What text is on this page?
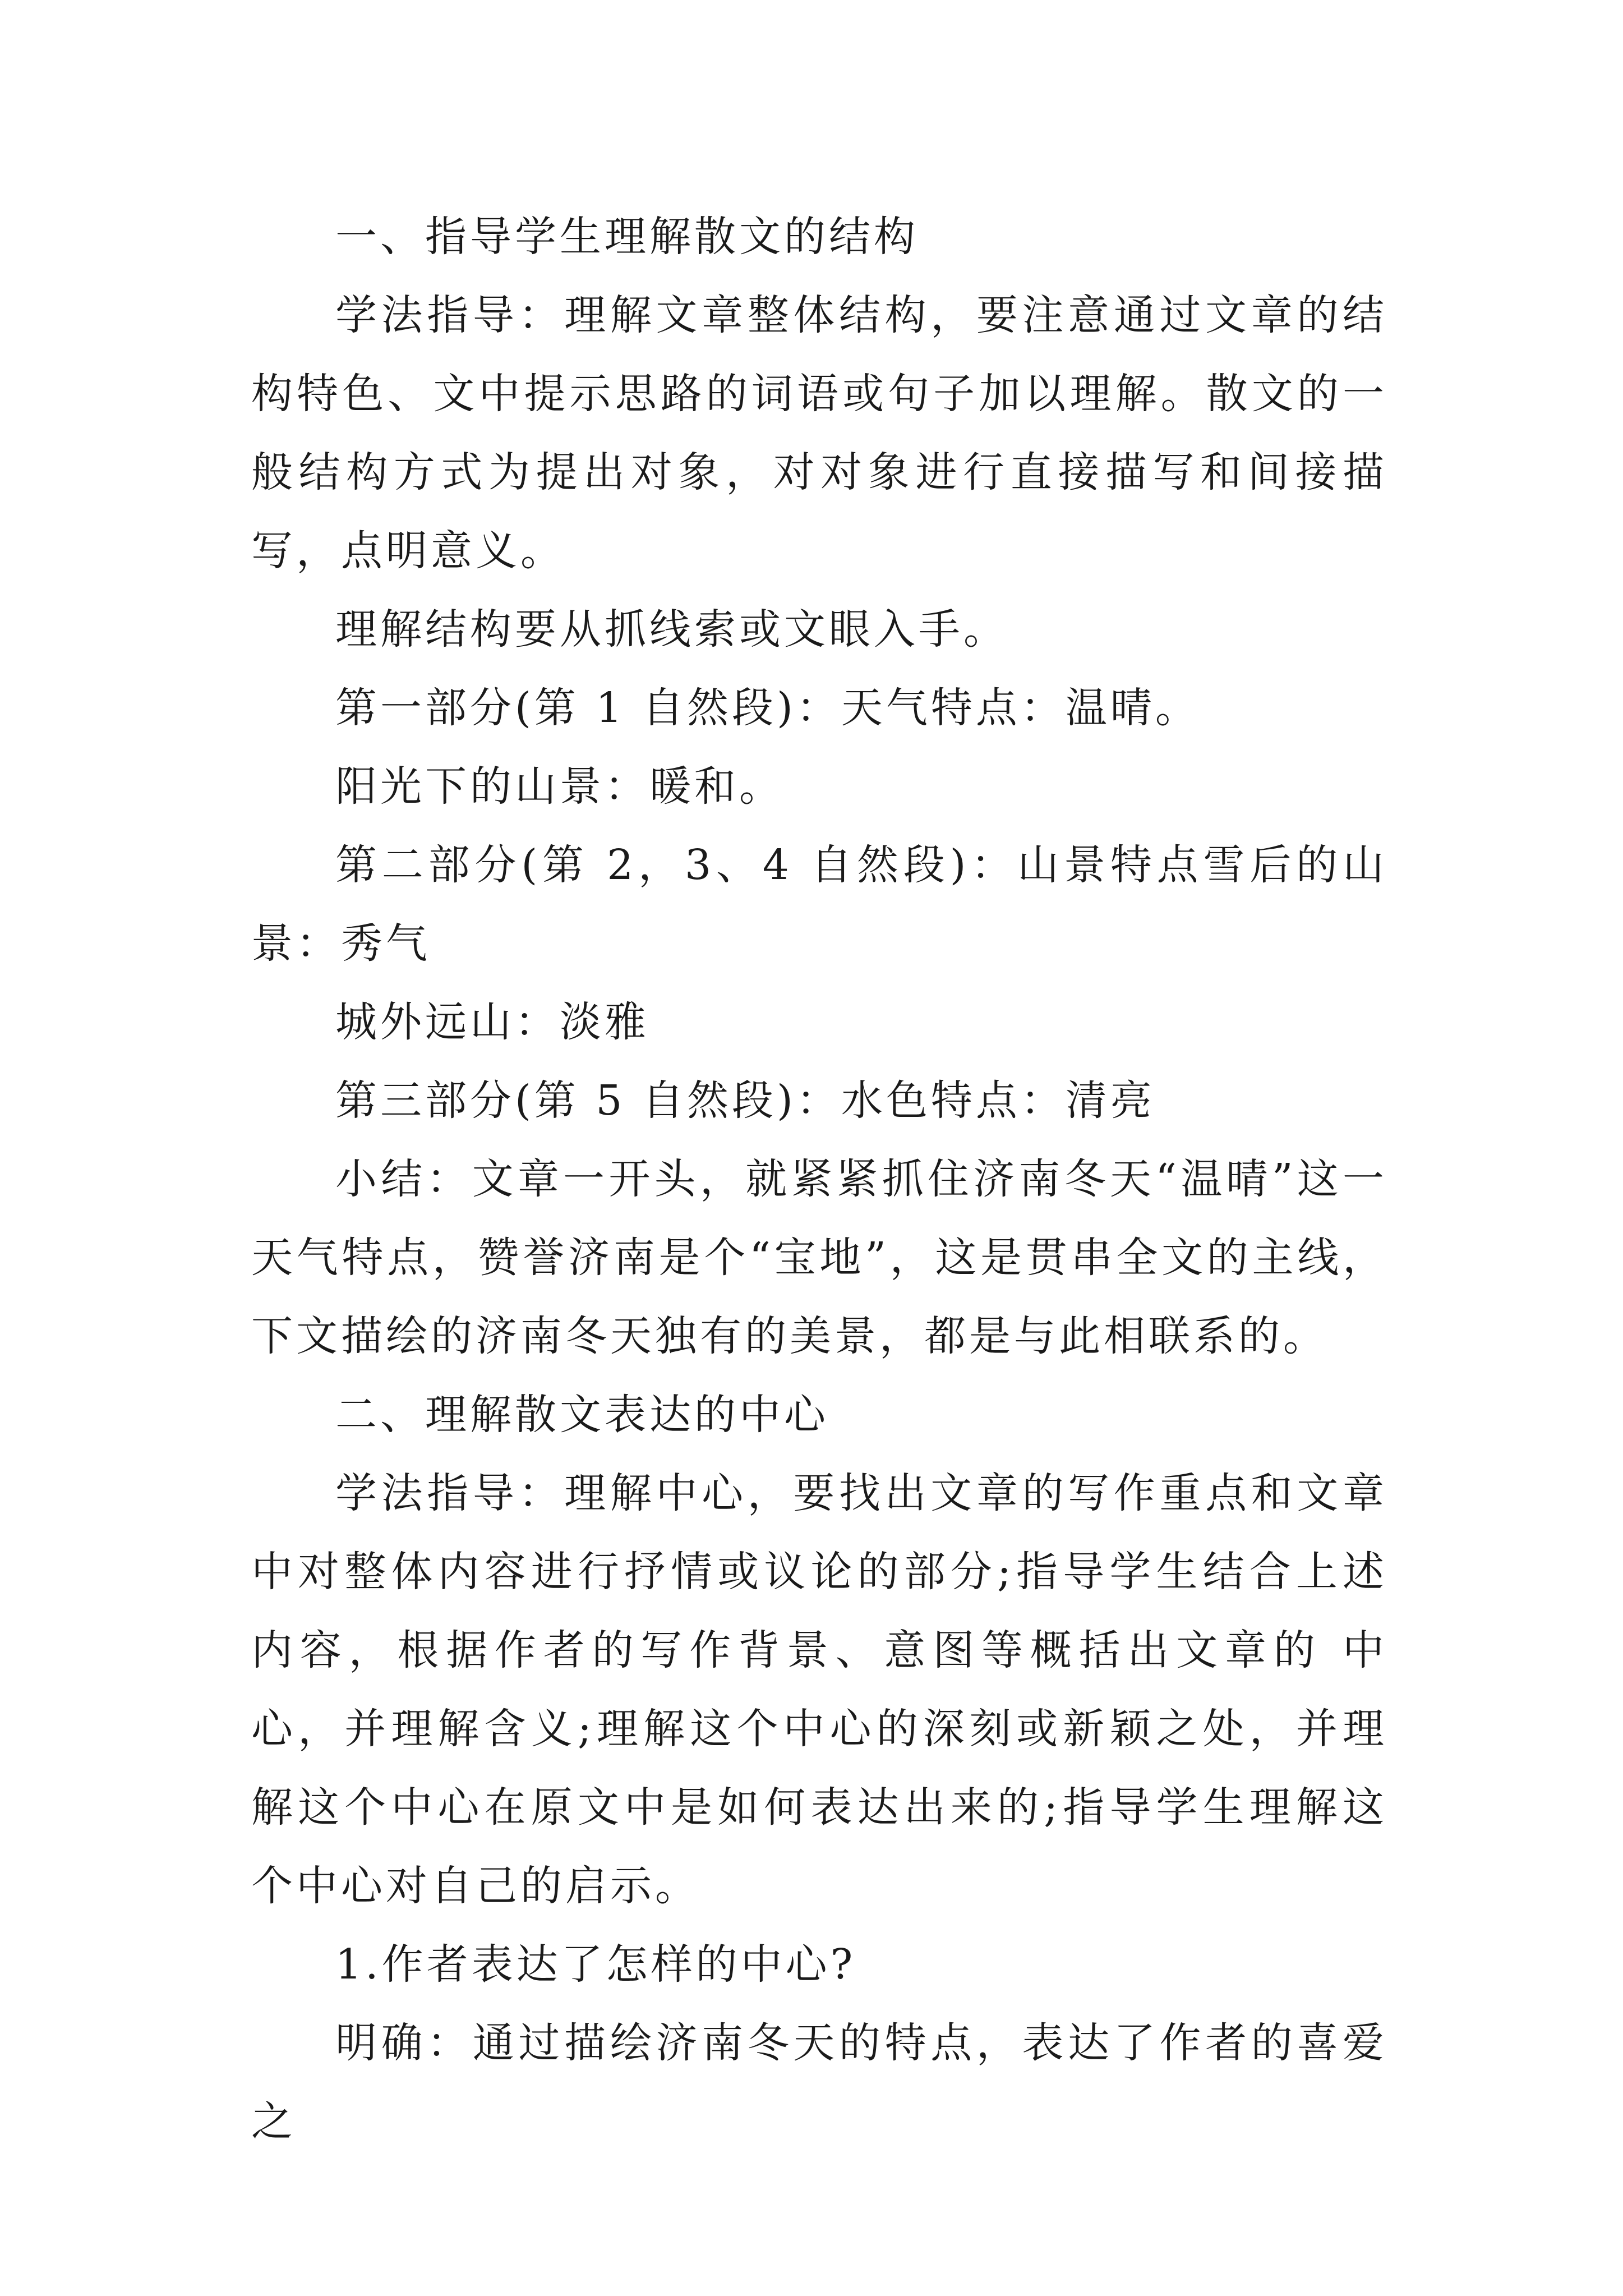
一、指导学生理解散文的结构

学法指导：理解文章整体结构，要注意通过文章的结构特色、文中提示思路的词语或句子加以理解。散文的一般结构方式为提出对象，对对象进行直接描写和间接描写，点明意义。

理解结构要从抓线索或文眼入手。

第一部分(第 1 自然段)：天气特点：温晴。

阳光下的山景：暖和。

第二部分(第 2，3、4 自然段)：山景特点雪后的山景：秀气

城外远山：淡雅

第三部分(第 5 自然段)：水色特点：清亮

小结：文章一开头，就紧紧抓住济南冬天“温晴”这一天气特点，赞誉济南是个“宝地”，这是贯串全文的主线，下文描绘的济南冬天独有的美景，都是与此相联系的。

二、理解散文表达的中心

学法指导：理解中心，要找出文章的写作重点和文章中对整体内容进行抒情或议论的部分;指导学生结合上述内容，根据作者的写作背景、意图等概括出文章的 中心，并理解含义;理解这个中心的深刻或新颖之处，并理解这个中心在原文中是如何表达出来的;指导学生理解这个中心对自己的启示。

1.作者表达了怎样的中心?

明确：通过描绘济南冬天的特点，表达了作者的喜爱之
